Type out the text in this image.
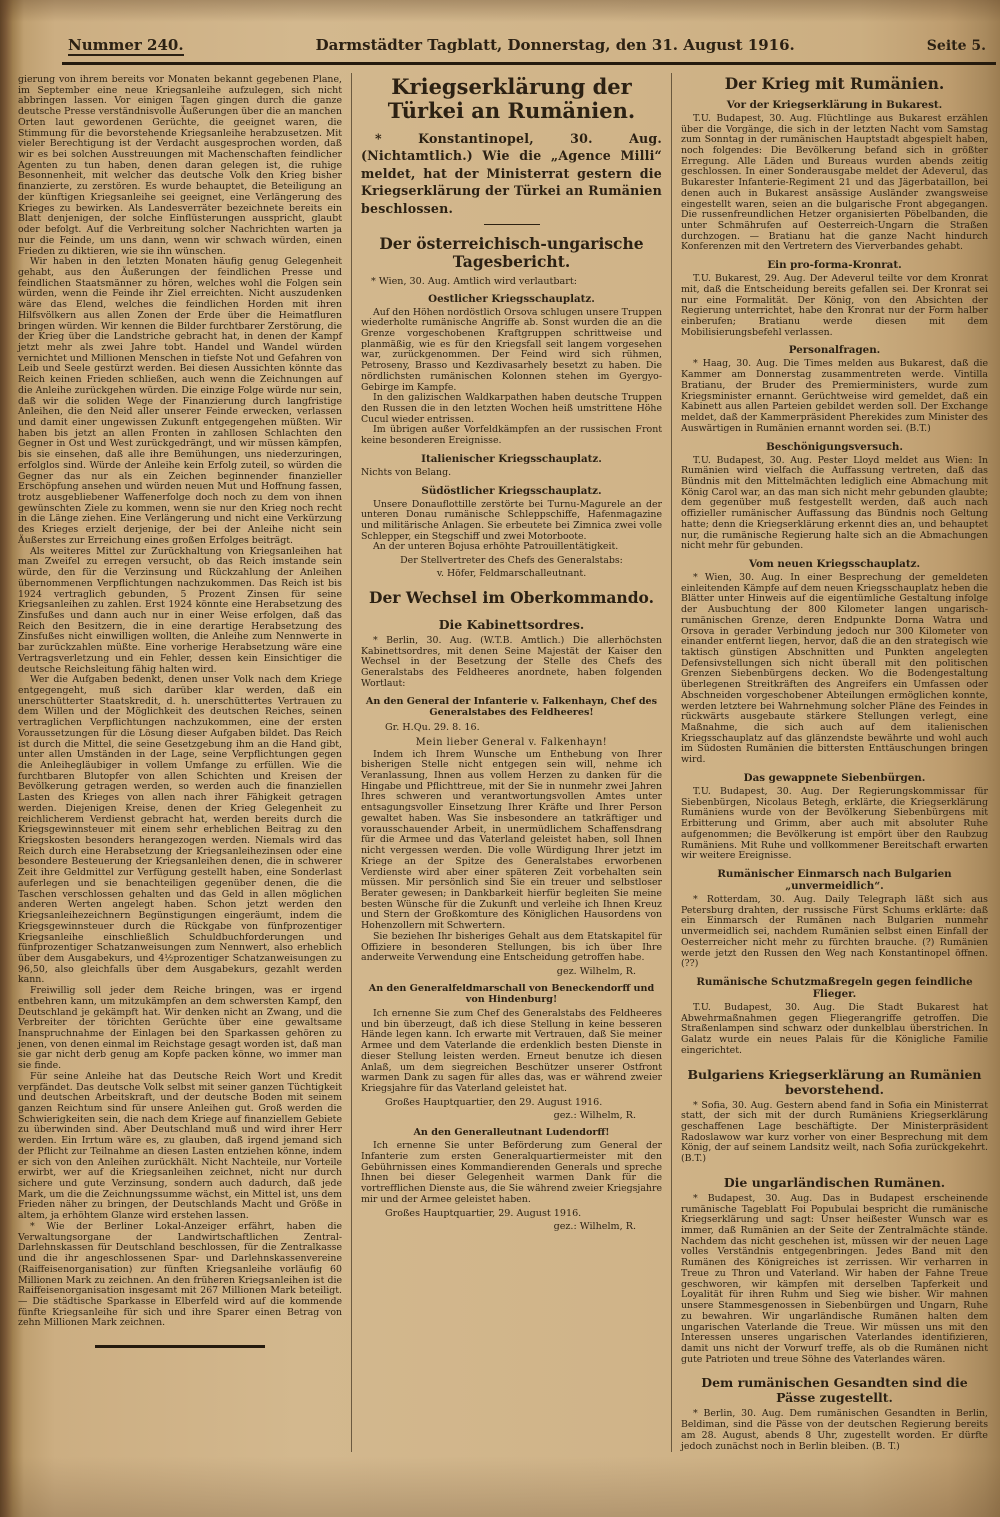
Nummer 240.	Darmstädter Tagblatt, Donnerstag, den 31. August 1916.	Seite 5.

gierung von ihrem bereits vor Monaten bekannt gegebenen Plane, im September eine neue Kriegsanleihe aufzulegen, sich nicht abbringen lassen. Vor einigen Tagen gingen durch die ganze deutsche Presse verständnisvolle Äußerungen über die an manchen Orten laut gewordenen Gerüchte, die geeignet waren, die Stimmung für die bevorstehende Kriegsanleihe herabzusetzen. Mit vieler Berechtigung ist der Verdacht ausgesprochen worden, daß wir es bei solchen Ausstreuungen mit Machenschaften feindlicher Agenten zu tun haben, denen daran gelegen ist, die ruhige Besonnenheit, mit welcher das deutsche Volk den Krieg bisher finanzierte, zu zerstören. Es wurde behauptet, die Beteiligung an der künftigen Kriegsanleihe sei geeignet, eine Verlängerung des Krieges zu bewirken. Als Landesverräter bezeichnete bereits ein Blatt denjenigen, der solche Einflüsterungen ausspricht, glaubt oder befolgt. Auf die Verbreitung solcher Nachrichten warten ja nur die Feinde, um uns dann, wenn wir schwach würden, einen Frieden zu diktieren, wie sie ihn wünschen.

Wir haben in den letzten Monaten häufig genug Gelegenheit gehabt, aus den Äußerungen der feindlichen Presse und feindlichen Staatsmänner zu hören, welches wohl die Folgen sein würden, wenn die Feinde ihr Ziel erreichten. Nicht auszudenken wäre das Elend, welches die feindlichen Horden mit ihren Hilfsvölkern aus allen Zonen der Erde über die Heimatfluren bringen würden. Wir kennen die Bilder furchtbarer Zerstörung, die der Krieg über die Landstriche gebracht hat, in denen der Kampf jetzt mehr als zwei Jahre tobt. Handel und Wandel würden vernichtet und Millionen Menschen in tiefste Not und Gefahren von Leib und Seele gestürzt werden. Bei diesen Aussichten könnte das Reich keinen Frieden schließen, auch wenn die Zeichnungen auf die Anleihe zurückgehen würden. Die einzige Folge würde nur sein, daß wir die soliden Wege der Finanzierung durch langfristige Anleihen, die den Neid aller unserer Feinde erwecken, verlassen und damit einer ungewissen Zukunft entgegengehen müßten. Wir haben bis jetzt an allen Fronten in zahllosen Schlachten den Gegner in Ost und West zurückgedrängt, und wir müssen kämpfen, bis sie einsehen, daß alle ihre Bemühungen, uns niederzuringen, erfolglos sind. Würde der Anleihe kein Erfolg zuteil, so würden die Gegner das nur als ein Zeichen beginnender finanzieller Erschöpfung ansehen und würden neuen Mut und Hoffnung fassen, trotz ausgebliebener Waffenerfolge doch noch zu dem von ihnen gewünschten Ziele zu kommen, wenn sie nur den Krieg noch recht in die Länge ziehen. Eine Verlängerung und nicht eine Verkürzung des Krieges erzielt derjenige, der bei der Anleihe nicht sein Äußerstes zur Erreichung eines großen Erfolges beiträgt.

Als weiteres Mittel zur Zurückhaltung von Kriegsanleihen hat man Zweifel zu erregen versucht, ob das Reich imstande sein würde, den für die Verzinsung und Rückzahlung der Anleihen übernommenen Verpflichtungen nachzukommen. Das Reich ist bis 1924 vertraglich gebunden, 5 Prozent Zinsen für seine Kriegsanleihen zu zahlen. Erst 1924 könnte eine Herabsetzung des Zinsfußes und dann auch nur in einer Weise erfolgen, daß das Reich den Besitzern, die in eine derartige Herabsetzung des Zinsfußes nicht einwilligen wollten, die Anleihe zum Nennwerte in bar zurückzahlen müßte. Eine vorherige Herabsetzung wäre eine Vertragsverletzung und ein Fehler, dessen kein Einsichtiger die deutsche Reichsleitung fähig halten wird.

Wer die Aufgaben bedenkt, denen unser Volk nach dem Kriege entgegengeht, muß sich darüber klar werden, daß ein unerschütterter Staatskredit, d. h. unerschüttertes Vertrauen zu dem Willen und der Möglichkeit des deutschen Reiches, seinen vertraglichen Verpflichtungen nachzukommen, eine der ersten Voraussetzungen für die Lösung dieser Aufgaben bildet. Das Reich ist durch die Mittel, die seine Gesetzgebung ihm an die Hand gibt, unter allen Umständen in der Lage, seine Verpflichtungen gegen die Anleihegläubiger in vollem Umfange zu erfüllen. Wie die furchtbaren Blutopfer von allen Schichten und Kreisen der Bevölkerung getragen werden, so werden auch die finanziellen Lasten des Krieges von allen nach ihrer Fähigkeit getragen werden. Diejenigen Kreise, denen der Krieg Gelegenheit zu reichlicherem Verdienst gebracht hat, werden bereits durch die Kriegsgewinnsteuer mit einem sehr erheblichen Beitrag zu den Kriegskosten besonders herangezogen werden. Niemals wird das Reich durch eine Herabsetzung der Kriegsanleihezinsen oder eine besondere Besteuerung der Kriegsanleihen denen, die in schwerer Zeit ihre Geldmittel zur Verfügung gestellt haben, eine Sonderlast auferlegen und sie benachteiligen gegenüber denen, die die Taschen verschlossen gehalten und das Geld in allen möglichen anderen Werten angelegt haben. Schon jetzt werden den Kriegsanleihezeichnern Begünstigungen eingeräumt, indem die Kriegsgewinnsteuer durch die Rückgabe von fünfprozentiger Kriegsanleihe einschließlich Schuldbuchforderungen und fünfprozentiger Schatzanweisungen zum Nennwert, also erheblich über dem Ausgabekurs, und 4½prozentiger Schatzanweisungen zu 96,50, also gleichfalls über dem Ausgabekurs, gezahlt werden kann.

Freiwillig soll jeder dem Reiche bringen, was er irgend entbehren kann, um mitzukämpfen an dem schwersten Kampf, den Deutschland je gekämpft hat. Wir denken nicht an Zwang, und die Verbreiter der törichten Gerüchte über eine gewaltsame Inanspruchnahme der Einlagen bei den Sparkassen gehören zu jenen, von denen einmal im Reichstage gesagt worden ist, daß man sie gar nicht derb genug am Kopfe packen könne, wo immer man sie finde.

Für seine Anleihe hat das Deutsche Reich Wort und Kredit verpfändet. Das deutsche Volk selbst mit seiner ganzen Tüchtigkeit und deutschen Arbeitskraft, und der deutsche Boden mit seinem ganzen Reichtum sind für unsere Anleihen gut. Groß werden die Schwierigkeiten sein, die nach dem Kriege auf finanziellem Gebiete zu überwinden sind. Aber Deutschland muß und wird ihrer Herr werden. Ein Irrtum wäre es, zu glauben, daß irgend jemand sich der Pflicht zur Teilnahme an diesen Lasten entziehen könne, indem er sich von den Anleihen zurückhält. Nicht Nachteile, nur Vorteile erwirbt, wer auf die Kriegsanleihen zeichnet, nicht nur durch sichere und gute Verzinsung, sondern auch dadurch, daß jede Mark, um die die Zeichnungssumme wächst, ein Mittel ist, uns dem Frieden näher zu bringen, der Deutschlands Macht und Größe in altem, ja erhöhtem Glanze wird erstehen lassen.

* Wie der Berliner Lokal-Anzeiger erfährt, haben die Verwaltungsorgane der Landwirtschaftlichen Zentral-Darlehnskassen für Deutschland beschlossen, für die Zentralkasse und die ihr angeschlossenen Spar- und Darlehnskassenvereine (Raiffeisenorganisation) zur fünften Kriegsanleihe vorläufig 60 Millionen Mark zu zeichnen. An den früheren Kriegsanleihen ist die Raiffeisenorganisation insgesamt mit 267 Millionen Mark beteiligt. — Die städtische Sparkasse in Elberfeld wird auf die kommende fünfte Kriegsanleihe für sich und ihre Sparer einen Betrag von zehn Millionen Mark zeichnen.

Kriegserklärung der Türkei an Rumänien.

* Konstantinopel, 30. Aug. (Nichtamtlich.) Wie die „Agence Milli“ meldet, hat der Ministerrat gestern die Kriegserklärung der Türkei an Rumänien beschlossen.

Der österreichisch-ungarische Tagesbericht.

* Wien, 30. Aug. Amtlich wird verlautbart:

Oestlicher Kriegsschauplatz.

Auf den Höhen nordöstlich Orsova schlugen unsere Truppen wiederholte rumänische Angriffe ab. Sonst wurden die an die Grenze vorgeschobenen Kraftgruppen schrittweise und planmäßig, wie es für den Kriegsfall seit langem vorgesehen war, zurückgenommen. Der Feind wird sich rühmen, Petroseny, Brasso und Kezdivasarhely besetzt zu haben. Die nördlichsten rumänischen Kolonnen stehen im Gyergyo-Gebirge im Kampfe.

In den galizischen Waldkarpathen haben deutsche Truppen den Russen die in den letzten Wochen heiß umstrittene Höhe Cucul wieder entrissen.

Im übrigen außer Vorfeldkämpfen an der russischen Front keine besonderen Ereignisse.

Italienischer Kriegsschauplatz.

Nichts von Belang.

Südöstlicher Kriegsschauplatz.

Unsere Donauflottille zerstörte bei Turnu-Magurele an der unteren Donau rumänische Schleppschiffe, Hafenmagazine und militärische Anlagen. Sie erbeutete bei Zimnica zwei volle Schlepper, ein Stegschiff und zwei Motorboote.

An der unteren Bojusa erhöhte Patrouillentätigkeit.

Der Stellvertreter des Chefs des Generalstabs:

v. Höfer, Feldmarschalleutnant.

Der Wechsel im Oberkommando.
Die Kabinettsordres.

* Berlin, 30. Aug. (W.T.B. Amtlich.) Die allerhöchsten Kabinettsordres, mit denen Seine Majestät der Kaiser den Wechsel in der Besetzung der Stelle des Chefs des Generalstabs des Feldheeres anordnete, haben folgenden Wortlaut:

An den General der Infanterie v. Falkenhayn, Chef des Generalstabes des Feldheeres!

Gr. H.Qu. 29. 8. 16.

Mein lieber General v. Falkenhayn!

Indem ich Ihrem Wunsche um Enthebung von Ihrer bisherigen Stelle nicht entgegen sein will, nehme ich Veranlassung, Ihnen aus vollem Herzen zu danken für die Hingabe und Pflichttreue, mit der Sie in nunmehr zwei Jahren Ihres schweren und verantwortungsvollen Amtes unter entsagungsvoller Einsetzung Ihrer Kräfte und Ihrer Person gewaltet haben. Was Sie insbesondere an tatkräftiger und vorausschauender Arbeit, in unermüdlichem Schaffensdrang für die Armee und das Vaterland geleistet haben, soll Ihnen nicht vergessen werden. Die volle Würdigung Ihrer jetzt im Kriege an der Spitze des Generalstabes erworbenen Verdienste wird aber einer späteren Zeit vorbehalten sein müssen. Mir persönlich sind Sie ein treuer und selbstloser Berater gewesen; in Dankbarkeit hierfür begleiten Sie meine besten Wünsche für die Zukunft und verleihe ich Ihnen Kreuz und Stern der Großkomture des Königlichen Hausordens von Hohenzollern mit Schwertern.

Sie beziehen Ihr bisheriges Gehalt aus dem Etatskapitel für Offiziere in besonderen Stellungen, bis ich über Ihre anderweite Verwendung eine Entscheidung getroffen habe.

gez. Wilhelm, R.

An den Generalfeldmarschall von Beneckendorff und von Hindenburg!

Ich ernenne Sie zum Chef des Generalstabs des Feldheeres und bin überzeugt, daß ich diese Stellung in keine besseren Hände legen kann. Ich erwarte mit Vertrauen, daß Sie meiner Armee und dem Vaterlande die erdenklich besten Dienste in dieser Stellung leisten werden. Erneut benutze ich diesen Anlaß, um dem siegreichen Beschützer unserer Ostfront warmen Dank zu sagen für alles das, was er während zweier Kriegsjahre für das Vaterland geleistet hat.

Großes Hauptquartier, den 29. August 1916.

gez.: Wilhelm, R.

An den Generalleutnant Ludendorff!

Ich ernenne Sie unter Beförderung zum General der Infanterie zum ersten Generalquartiermeister mit den Gebührnissen eines Kommandierenden Generals und spreche Ihnen bei dieser Gelegenheit warmen Dank für die vortrefflichen Dienste aus, die Sie während zweier Kriegsjahre mir und der Armee geleistet haben.

Großes Hauptquartier, 29. August 1916.

gez.: Wilhelm, R.

Der Krieg mit Rumänien.
Vor der Kriegserklärung in Bukarest.

T.U. Budapest, 30. Aug. Flüchtlinge aus Bukarest erzählen über die Vorgänge, die sich in der letzten Nacht vom Samstag zum Sonntag in der rumänischen Hauptstadt abgespielt haben, noch folgendes: Die Bevölkerung befand sich in größter Erregung. Alle Läden und Bureaus wurden abends zeitig geschlossen. In einer Sonderausgabe meldet der Adeverul, das Bukarester Infanterie-Regiment 21 und das Jägerbataillon, bei denen auch in Bukarest ansässige Ausländer zwangsweise eingestellt waren, seien an die bulgarische Front abgegangen. Die russenfreundlichen Hetzer organisierten Pöbelbanden, die unter Schmährufen auf Oesterreich-Ungarn die Straßen durchzogen. — Bratianu hat die ganze Nacht hindurch Konferenzen mit den Vertretern des Vierverbandes gehabt.

Ein pro-forma-Kronrat.

T.U. Bukarest, 29. Aug. Der Adeverul teilte vor dem Kronrat mit, daß die Entscheidung bereits gefallen sei. Der Kronrat sei nur eine Formalität. Der König, von den Absichten der Regierung unterrichtet, habe den Kronrat nur der Form halber einberufen; Bratianu werde diesen mit dem Mobilisierungsbefehl verlassen.

Personalfragen.

* Haag, 30. Aug. Die Times melden aus Bukarest, daß die Kammer am Donnerstag zusammentreten werde. Vintilla Bratianu, der Bruder des Premierministers, wurde zum Kriegsminister ernannt. Gerüchtweise wird gemeldet, daß ein Kabinett aus allen Parteien gebildet werden soll. Der Exchange meldet, daß der Kammerpräsident Pherekides zum Minister des Auswärtigen in Rumänien ernannt worden sei. (B.T.)

Beschönigungsversuch.

T.U. Budapest, 30. Aug. Pester Lloyd meldet aus Wien: In Rumänien wird vielfach die Auffassung vertreten, daß das Bündnis mit den Mittelmächten lediglich eine Abmachung mit König Carol war, an das man sich nicht mehr gebunden glaubte; dem gegenüber muß festgestellt werden, daß auch nach offizieller rumänischer Auffassung das Bündnis noch Geltung hatte; denn die Kriegserklärung erkennt dies an, und behauptet nur, die rumänische Regierung halte sich an die Abmachungen nicht mehr für gebunden.

Vom neuen Kriegsschauplatz.

* Wien, 30. Aug. In einer Besprechung der gemeldeten einleitenden Kämpfe auf dem neuen Kriegsschauplatz heben die Blätter unter Hinweis auf die eigentümliche Gestaltung infolge der Ausbuchtung der 800 Kilometer langen ungarisch-rumänischen Grenze, deren Endpunkte Dorna Watra und Orsova in gerader Verbindung jedoch nur 300 Kilometer von einander entfernt liegen, hervor, daß die an den strategisch wie taktisch günstigen Abschnitten und Punkten angelegten Defensivstellungen sich nicht überall mit den politischen Grenzen Siebenbürgens decken. Wo die Bodengestaltung überlegenen Streitkräften des Angreifers ein Umfassen oder Abschneiden vorgeschobener Abteilungen ermöglichen konnte, werden letztere bei Wahrnehmung solcher Pläne des Feindes in rückwärts ausgebaute stärkere Stellungen verlegt, eine Maßnahme, die sich auch auf dem italienischen Kriegsschauplatz auf das glänzendste bewährte und wohl auch im Südosten Rumänien die bittersten Enttäuschungen bringen wird.

Das gewappnete Siebenbürgen.

T.U. Budapest, 30. Aug. Der Regierungskommissar für Siebenbürgen, Nicolaus Betegh, erklärte, die Kriegserklärung Rumäniens wurde von der Bevölkerung Siebenbürgens mit Erbitterung und Grimm, aber auch mit absoluter Ruhe aufgenommen; die Bevölkerung ist empört über den Raubzug Rumäniens. Mit Ruhe und vollkommener Bereitschaft erwarten wir weitere Ereignisse.

Rumänischer Einmarsch nach Bulgarien „unvermeidlich“.

* Rotterdam, 30. Aug. Daily Telegraph läßt sich aus Petersburg drahten, der russische Fürst Schums erklärte: daß ein Einmarsch der Rumänen nach Bulgarien nunmehr unvermeidlich sei, nachdem Rumänien selbst einen Einfall der Oesterreicher nicht mehr zu fürchten brauche. (?) Rumänien werde jetzt den Russen den Weg nach Konstantinopel öffnen. (??)

Rumänische Schutzmaßregeln gegen feindliche Flieger.

T.U. Budapest, 30. Aug. Die Stadt Bukarest hat Abwehrmaßnahmen gegen Fliegerangriffe getroffen. Die Straßenlampen sind schwarz oder dunkelblau überstrichen. In Galatz wurde ein neues Palais für die Königliche Familie eingerichtet.

Bulgariens Kriegserklärung an Rumänien bevorstehend.

* Sofia, 30. Aug. Gestern abend fand in Sofia ein Ministerrat statt, der sich mit der durch Rumäniens Kriegserklärung geschaffenen Lage beschäftigte. Der Ministerpräsident Radoslawow war kurz vorher von einer Besprechung mit dem König, der auf seinem Landsitz weilt, nach Sofia zurückgekehrt. (B.T.)

Die ungarländischen Rumänen.

* Budapest, 30. Aug. Das in Budapest erscheinende rumänische Tageblatt Foi Popubulai bespricht die rumänische Kriegserklärung und sagt: Unser heißester Wunsch war es immer, daß Rumänien an der Seite der Zentralmächte stände. Nachdem das nicht geschehen ist, müssen wir der neuen Lage volles Verständnis entgegenbringen. Jedes Band mit den Rumänen des Königreiches ist zerrissen. Wir verharren in Treue zu Thron und Vaterland. Wir haben der Fahne Treue geschworen, wir kämpfen mit derselben Tapferkeit und Loyalität für ihren Ruhm und Sieg wie bisher. Wir mahnen unsere Stammesgenossen in Siebenbürgen und Ungarn, Ruhe zu bewahren. Wir ungarländische Rumänen halten dem ungarischen Vaterlande die Treue. Wir müssen uns mit den Interessen unseres ungarischen Vaterlandes identifizieren, damit uns nicht der Vorwurf treffe, als ob die Rumänen nicht gute Patrioten und treue Söhne des Vaterlandes wären.

Dem rumänischen Gesandten sind die Pässe zugestellt.

* Berlin, 30. Aug. Dem rumänischen Gesandten in Berlin, Beldiman, sind die Pässe von der deutschen Regierung bereits am 28. August, abends 8 Uhr, zugestellt worden. Er dürfte jedoch zunächst noch in Berlin bleiben. (B. T.)
